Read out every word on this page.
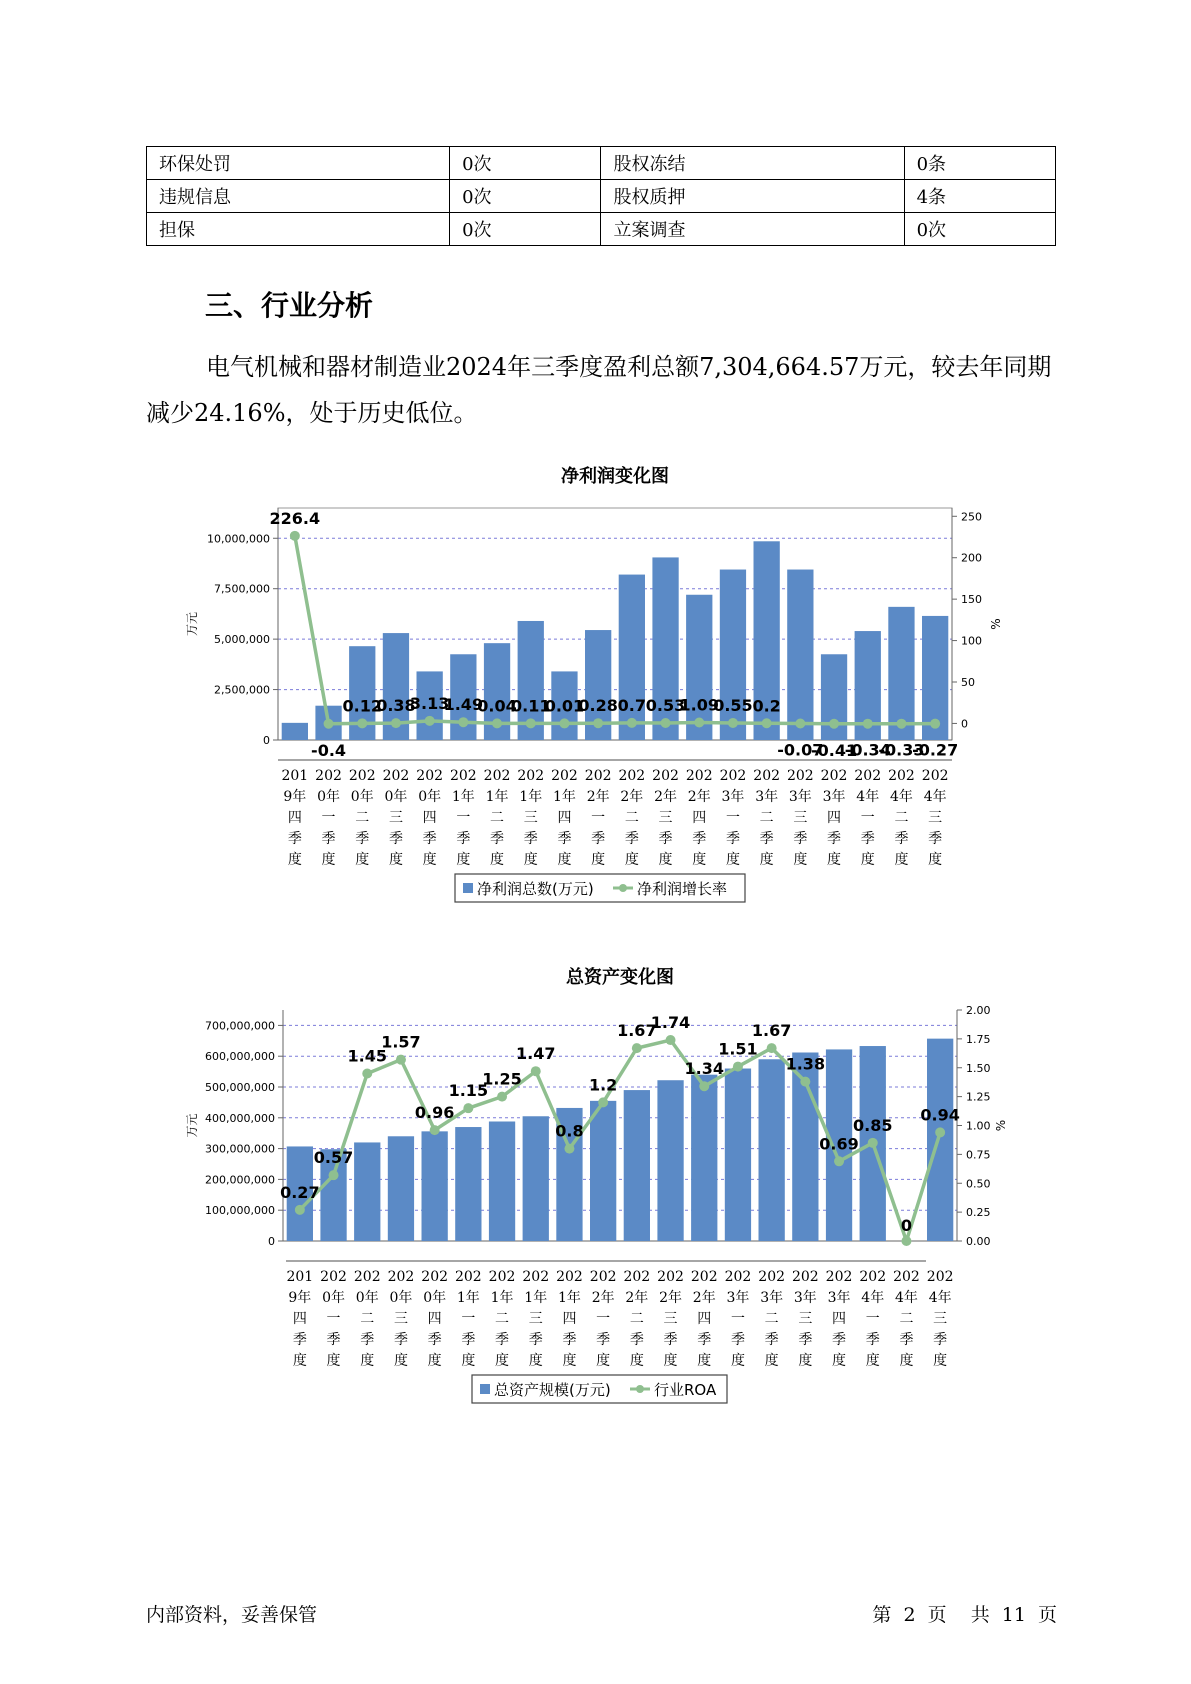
环保处罚	0次	股权冻结	0条
违规信息	0次	股权质押	4条
担保	0次	立案调查	0次
三、行业分析

电气机械和器材制造业2024年三季度盈利总额7,304,664.57万元，较去年同期减少24.16%，处于历史低位。

净利润变化图
0
2,500,000
5,000,000
7,500,000
10,000,000
0
50
100
150
200
250
万元	%
226.4
-0.4
0.12
0.38
3.13
1.49
0.04
0.11
0.01
0.28 0.7 0.53
1.09
0.55 0.2
-0.07
-0.41
-0.34
-0.33
-0.27
201
9年
四
季
度
202
0年
一
季
度
202
0年
二
季
度
202
0年
三
季
度
202
0年
四
季
度
202
1年
一
季
度
202
1年
二
季
度
202
1年
三
季
度
202
1年
四
季
度
202
2年
一
季
度
202
2年
二
季
度
202
2年
三
季
度
202
2年
四
季
度
202
3年
一
季
度
202
3年
二
季
度
202
3年
三
季
度
202
3年
四
季
度
202
4年
一
季
度
202
4年
二
季
度
202
4年
三
季
度
净利润总数(万元)	净利润增长率
总资产变化图
0
100,000,000
200,000,000
300,000,000
400,000,000
500,000,000
600,000,000
700,000,000
0.00
0.25
0.50
0.75
1.00
1.25
1.50
1.75
2.00
万元	%
0.27
0.57
1.45
1.57
0.96
1.15
1.25
1.47
0.8
1.2
1.67
1.74
1.34
1.51
1.67
1.38
0.69
0.85
0
0.94
201
9年
四
季
度
202
0年
一
季
度
202
0年
二
季
度
202
0年
三
季
度
202
0年
四
季
度
202
1年
一
季
度
202
1年
二
季
度
202
1年
三
季
度
202
1年
四
季
度
202
2年
一
季
度
202
2年
二
季
度
202
2年
三
季
度
202
2年
四
季
度
202
3年
一
季
度
202
3年
二
季
度
202
3年
三
季
度
202
3年
四
季
度
202
4年
一
季
度
202
4年
二
季
度
202
4年
三
季
度
总资产规模(万元)	行业ROA
内部资料，妥善保管	第 2 页 共 11 页
